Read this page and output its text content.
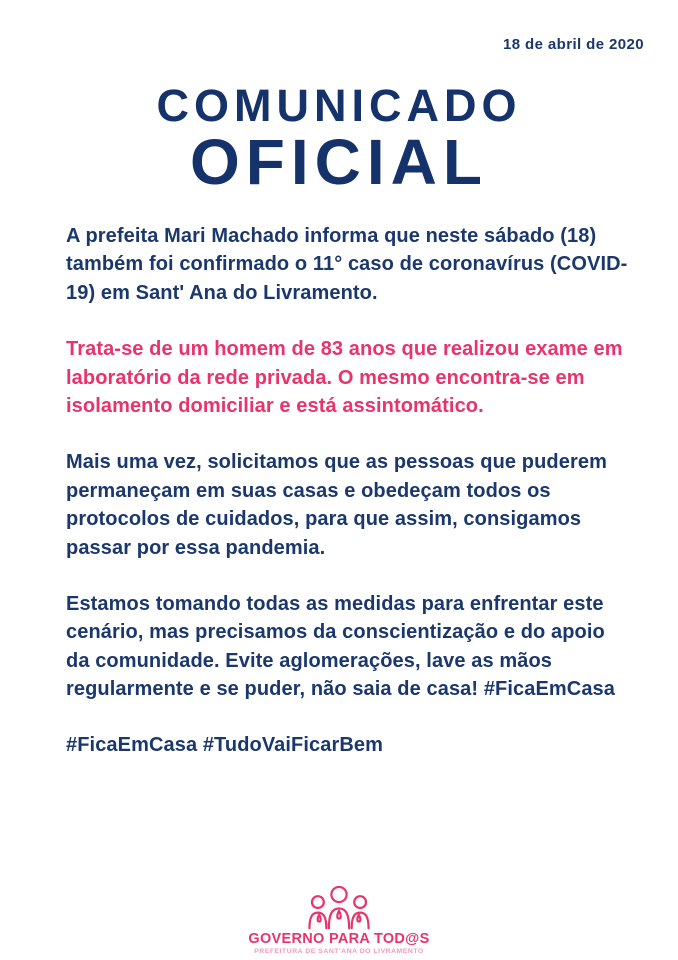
18 de abril de 2020
COMUNICADO
OFICIAL

A prefeita Mari Machado informa que neste sábado (18) também foi confirmado o 11° caso de coronavírus (COVID-19) em Sant' Ana do Livramento.

Trata-se de um homem de 83 anos que realizou exame em laboratório da rede privada. O mesmo encontra-se em isolamento domiciliar e está assintomático.

Mais uma vez, solicitamos que as pessoas que puderem permaneçam em suas casas e obedeçam todos os protocolos de cuidados, para que assim, consigamos passar por essa pandemia.

Estamos tomando todas as medidas para enfrentar este cenário, mas precisamos da conscientização e do apoio da comunidade. Evite aglomerações, lave as mãos regularmente e se puder, não saia de casa! #FicaEmCasa

#FicaEmCasa #TudoVaiFicarBem

GOVERNO PARA TOD@S
PREFEITURA DE SANT'ANA DO LIVRAMENTO
